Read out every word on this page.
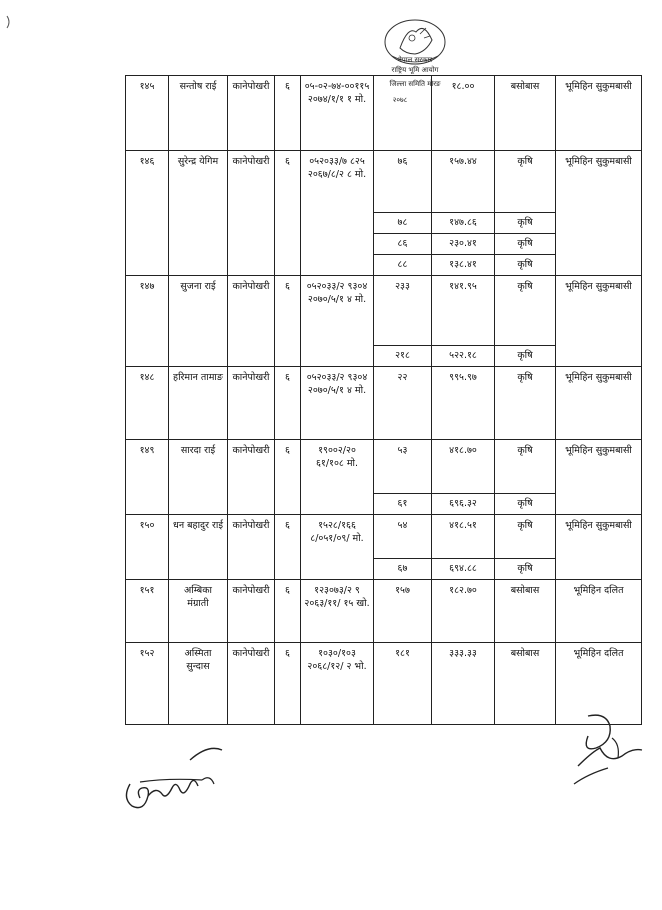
नेपाल सरकार
राष्ट्रिय भूमि आयोग
जिल्ला समिति मोरङ
२०७८
१४५	सन्तोष राई	कानेपोखरी	६	०५-०२-७४-००११५ २०७४/१/१ १ मो.		१८.००	बसोबास	भूमिहिन सुकुमबासी
१४६	सुरेन्द्र येगिम	कानेपोखरी	६	०५२०३३/७ ८२५ २०६७/८/२ ८ मो.	७६	१५७.४४	कृषि	भूमिहिन सुकुमबासी
					७८	१४७.८६	कृषि	
					८६	२३०.४१	कृषि	
					८८	१३८.४१	कृषि	
१४७	सुजना राई	कानेपोखरी	६	०५२०३३/२ ९३०४ २०७०/५/१ ४ मो.	२३३	१४१.९५	कृषि	भूमिहिन सुकुमबासी
					२१८	५२२.१८	कृषि	
१४८	हरिमान तामाङ	कानेपोखरी	६	०५२०३३/२ ९३०४ २०७०/५/१ ४ मो.	२२	९९५.९७	कृषि	भूमिहिन सुकुमबासी
१४९	सारदा राई	कानेपोखरी	६	१९००२/२० ६१/१०८ मो.	५३	४१८.७०	कृषि	भूमिहिन सुकुमबासी
					६१	६९६.३२	कृषि	
१५०	धन बहादुर राई	कानेपोखरी	६	१५२८/१६६ ८/०५१/०९/ मो.	५४	४१८.५१	कृषि	भूमिहिन सुकुमबासी
					६७	६९४.८८	कृषि	
१५१	अम्बिका मंग्राती	कानेपोखरी	६	१२३०७३/२ ९ २०६३/११/ १५ खो.	१५७	१८२.७०	बसोबास	भूमिहिन दलित
१५२	अस्मिता सुन्दास	कानेपोखरी	६	१०३०/१०३ २०६८/१२/ २ भो.	१८१	३३३.३३	बसोबास	भूमिहिन दलित
